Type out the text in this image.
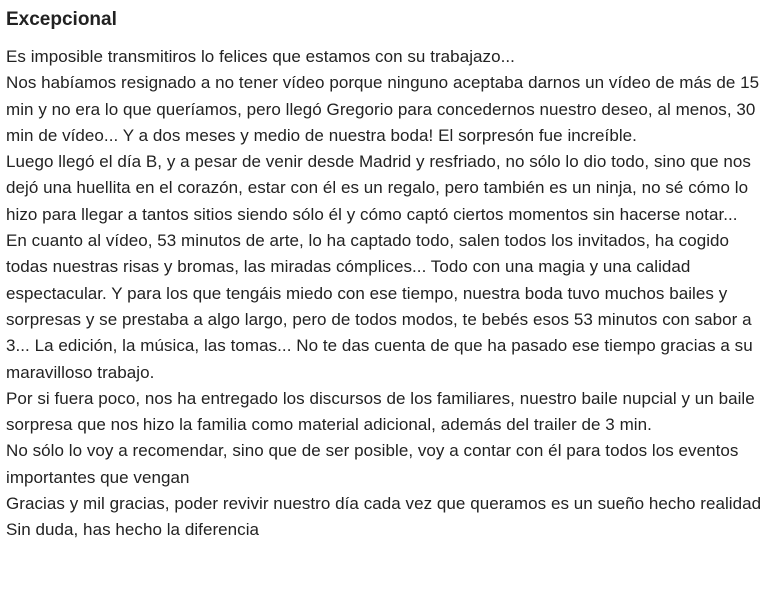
Excepcional

Es imposible transmitiros lo felices que estamos con su trabajazo...

Nos habíamos resignado a no tener vídeo porque ninguno aceptaba darnos un vídeo de más de 15 min y no era lo que queríamos, pero llegó Gregorio para concedernos nuestro deseo, al menos, 30 min de vídeo... Y a dos meses y medio de nuestra boda! El sorpresón fue increíble.

Luego llegó el día B, y a pesar de venir desde Madrid y resfriado, no sólo lo dio todo, sino que nos dejó una huellita en el corazón, estar con él es un regalo, pero también es un ninja, no sé cómo lo hizo para llegar a tantos sitios siendo sólo él y cómo captó ciertos momentos sin hacerse notar...

En cuanto al vídeo, 53 minutos de arte, lo ha captado todo, salen todos los invitados, ha cogido todas nuestras risas y bromas, las miradas cómplices... Todo con una magia y una calidad espectacular. Y para los que tengáis miedo con ese tiempo, nuestra boda tuvo muchos bailes y sorpresas y se prestaba a algo largo, pero de todos modos, te bebés esos 53 minutos con sabor a 3... La edición, la música, las tomas... No te das cuenta de que ha pasado ese tiempo gracias a su maravilloso trabajo.

Por si fuera poco, nos ha entregado los discursos de los familiares, nuestro baile nupcial y un baile sorpresa que nos hizo la familia como material adicional, además del trailer de 3 min.

No sólo lo voy a recomendar, sino que de ser posible, voy a contar con él para todos los eventos importantes que vengan

Gracias y mil gracias, poder revivir nuestro día cada vez que queramos es un sueño hecho realidad

Sin duda, has hecho la diferencia
